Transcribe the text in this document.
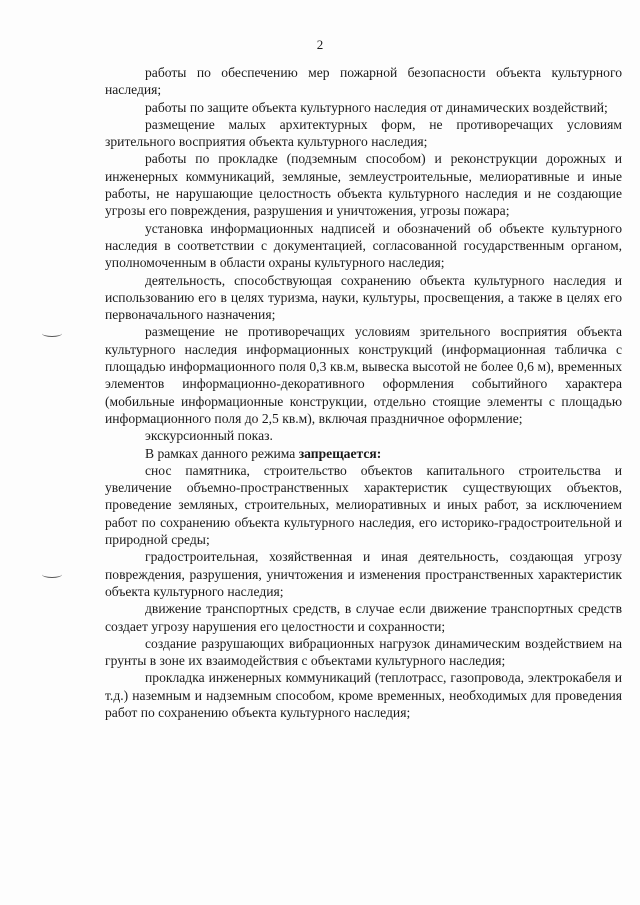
2

работы по обеспечению мер пожарной безопасности объекта культурного наследия;

работы по защите объекта культурного наследия от динамических воздействий;

размещение малых архитектурных форм, не противоречащих условиям зрительного восприятия объекта культурного наследия;

работы по прокладке (подземным способом) и реконструкции дорожных и инженерных коммуникаций, земляные, землеустроительные, мелиоративные и иные работы, не нарушающие целостность объекта культурного наследия и не создающие угрозы его повреждения, разрушения и уничтожения, угрозы пожара;

установка информационных надписей и обозначений об объекте культурного наследия в соответствии с документацией, согласованной государственным органом, уполномоченным в области охраны культурного наследия;

деятельность, способствующая сохранению объекта культурного наследия и использованию его в целях туризма, науки, культуры, просвещения, а также в целях его первоначального назначения;

размещение не противоречащих условиям зрительного восприятия объекта культурного наследия информационных конструкций (информационная табличка с площадью информационного поля 0,3 кв.м, вывеска высотой не более 0,6 м), временных элементов информационно-декоративного оформления событийного характера (мобильные информационные конструкции, отдельно стоящие элементы с площадью информационного поля до 2,5 кв.м), включая праздничное оформление;

экскурсионный показ.

В рамках данного режима запрещается:

снос памятника, строительство объектов капитального строительства и увеличение объемно-пространственных характеристик существующих объектов, проведение земляных, строительных, мелиоративных и иных работ, за исключением работ по сохранению объекта культурного наследия, его историко-градостроительной и природной среды;

градостроительная, хозяйственная и иная деятельность, создающая угрозу повреждения, разрушения, уничтожения и изменения пространственных характеристик объекта культурного наследия;

движение транспортных средств, в случае если движение транспортных средств создает угрозу нарушения его целостности и сохранности;

создание разрушающих вибрационных нагрузок динамическим воздействием на грунты в зоне их взаимодействия с объектами культурного наследия;

прокладка инженерных коммуникаций (теплотрасс, газопровода, электрокабеля и т.д.) наземным и надземным способом, кроме временных, необходимых для проведения работ по сохранению объекта культурного наследия;
